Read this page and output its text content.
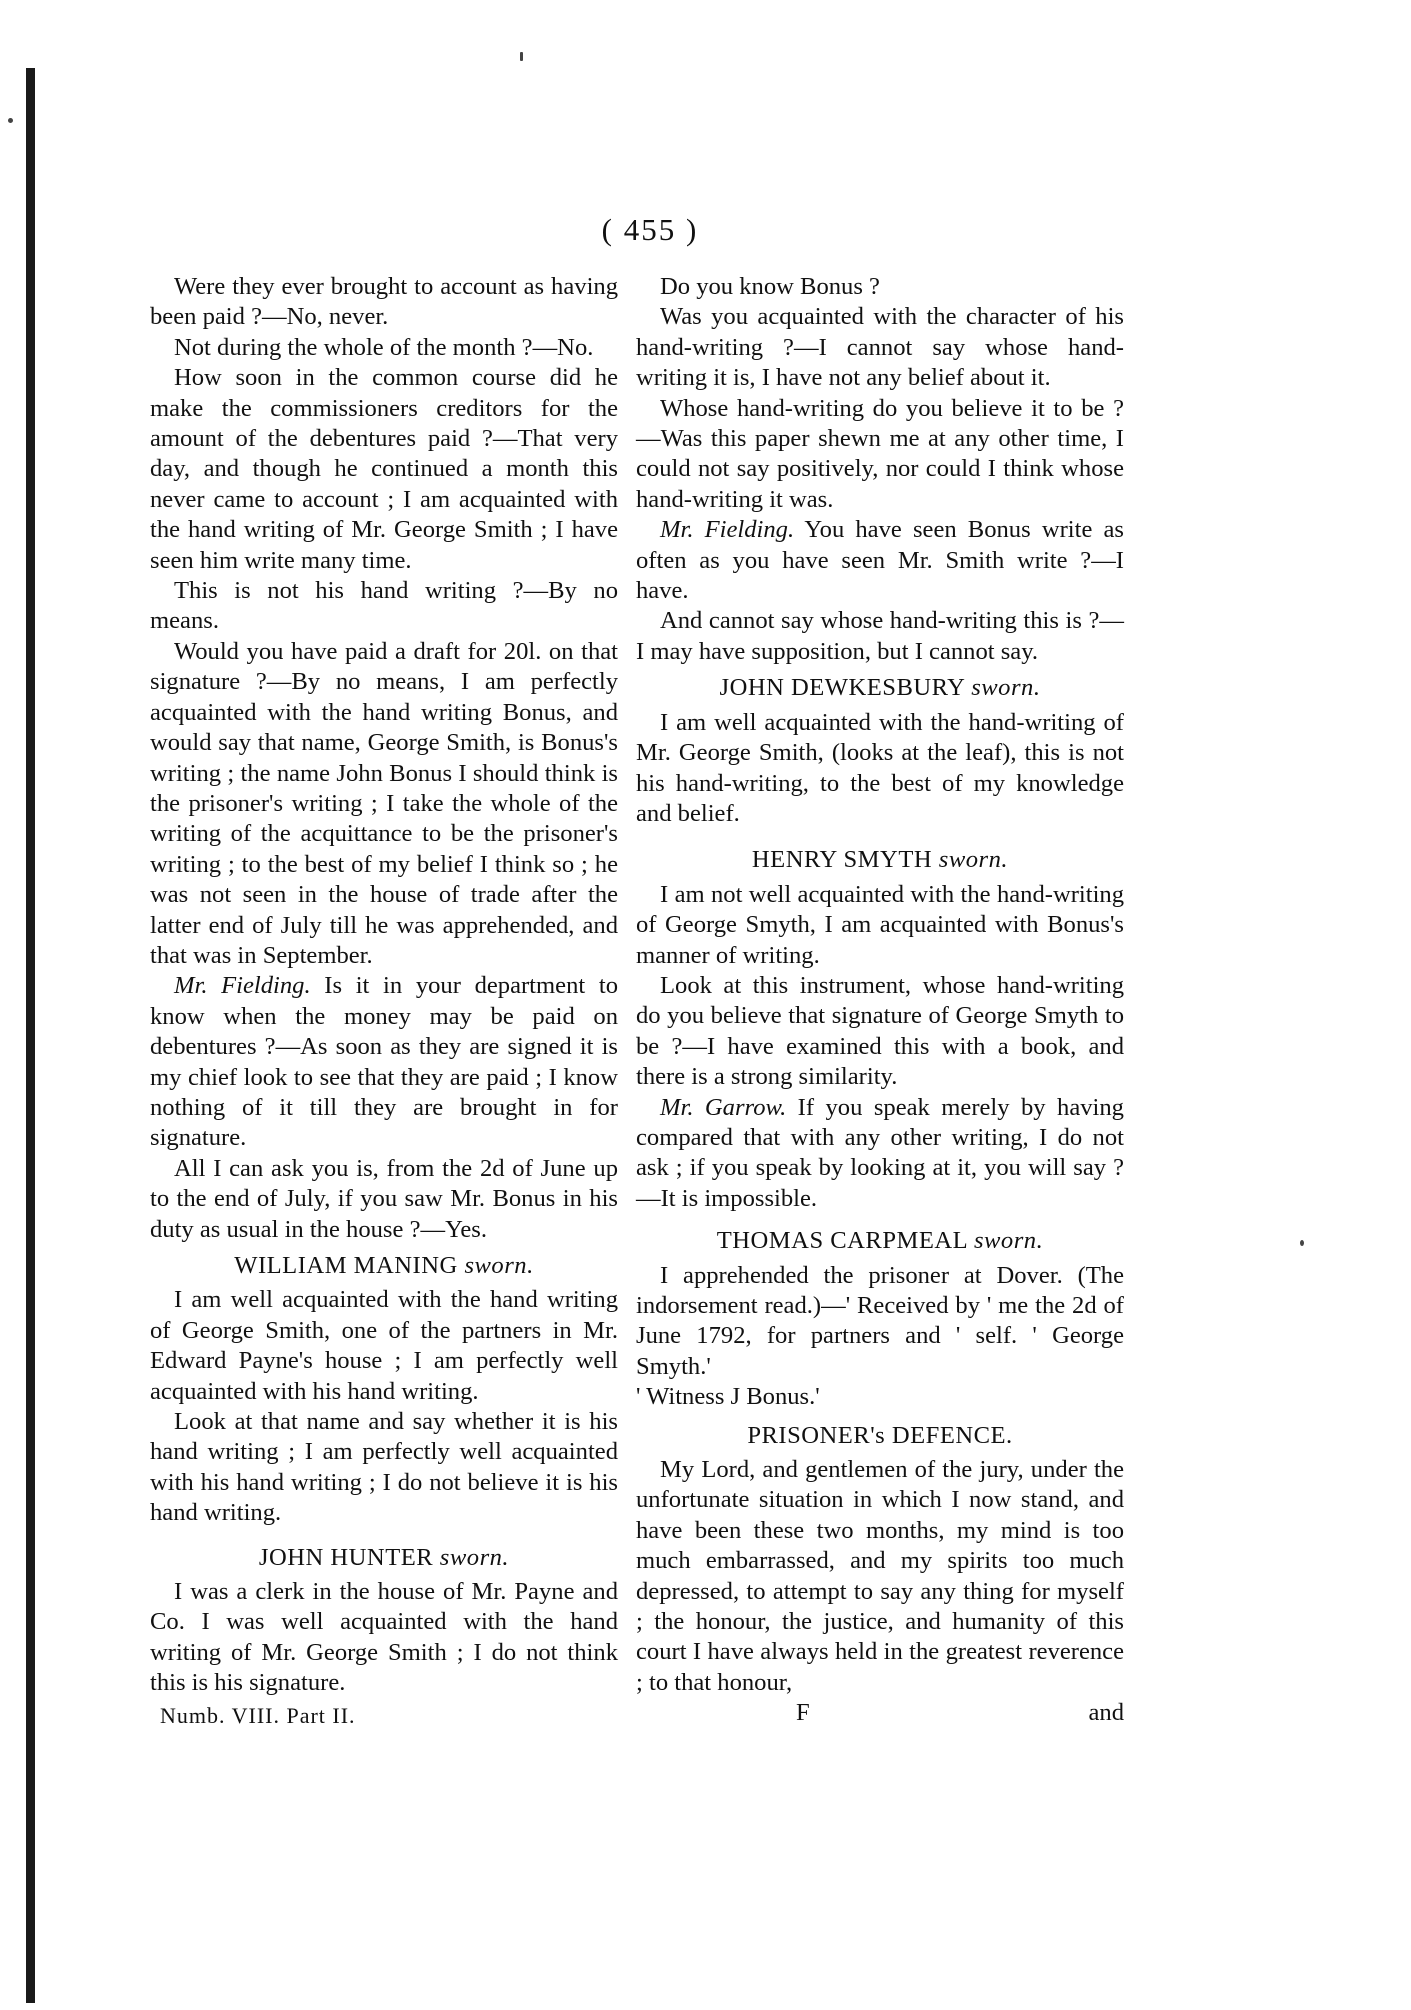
( 455 )

Were they ever brought to account as having been paid ?—No, never.

Not during the whole of the month ?—No.

How soon in the common course did he make the commissioners creditors for the amount of the debentures paid ?—That very day, and though he continued a month this never came to account ; I am acquainted with the hand writing of Mr. George Smith ; I have seen him write many time.

This is not his hand writing ?—By no means.

Would you have paid a draft for 20l. on that signature ?—By no means, I am perfectly acquainted with the hand writing Bonus, and would say that name, George Smith, is Bonus's writing ; the name John Bonus I should think is the prisoner's writing ; I take the whole of the writing of the acquittance to be the prisoner's writing ; to the best of my belief I think so ; he was not seen in the house of trade after the latter end of July till he was apprehended, and that was in September.

Mr. Fielding. Is it in your department to know when the money may be paid on debentures ?—As soon as they are signed it is my chief look to see that they are paid ; I know nothing of it till they are brought in for signature.

All I can ask you is, from the 2d of June up to the end of July, if you saw Mr. Bonus in his duty as usual in the house ?—Yes.

WILLIAM MANING sworn.

I am well acquainted with the hand writing of George Smith, one of the partners in Mr. Edward Payne's house ; I am perfectly well acquainted with his hand writing.

Look at that name and say whether it is his hand writing ; I am perfectly well acquainted with his hand writing ; I do not believe it is his hand writing.

JOHN HUNTER sworn.

I was a clerk in the house of Mr. Payne and Co. I was well acquainted with the hand writing of Mr. George Smith ; I do not think this is his signature.

Numb. VIII. Part II.

Do you know Bonus ?

Was you acquainted with the character of his hand-writing ?—I cannot say whose hand-writing it is, I have not any belief about it.

Whose hand-writing do you believe it to be ?—Was this paper shewn me at any other time, I could not say positively, nor could I think whose hand-writing it was.

Mr. Fielding. You have seen Bonus write as often as you have seen Mr. Smith write ?—I have.

And cannot say whose hand-writing this is ?—I may have supposition, but I cannot say.

JOHN DEWKESBURY sworn.

I am well acquainted with the hand-writing of Mr. George Smith, (looks at the leaf), this is not his hand-writing, to the best of my knowledge and belief.

HENRY SMYTH sworn.

I am not well acquainted with the hand-writing of George Smyth, I am acquainted with Bonus's manner of writing.

Look at this instrument, whose hand-writing do you believe that signature of George Smyth to be ?—I have examined this with a book, and there is a strong similarity.

Mr. Garrow. If you speak merely by having compared that with any other writing, I do not ask ; if you speak by looking at it, you will say ?—It is impossible.

THOMAS CARPMEAL sworn.

I apprehended the prisoner at Dover. (The indorsement read.)—' Received by ' me the 2d of June 1792, for partners and ' self. ' George Smyth.'

' Witness J Bonus.'

PRISONER's DEFENCE.

My Lord, and gentlemen of the jury, under the unfortunate situation in which I now stand, and have been these two months, my mind is too much embarrassed, and my spirits too much depressed, to attempt to say any thing for myself ; the honour, the justice, and humanity of this court I have always held in the greatest reverence ; to that honour,

F	and
